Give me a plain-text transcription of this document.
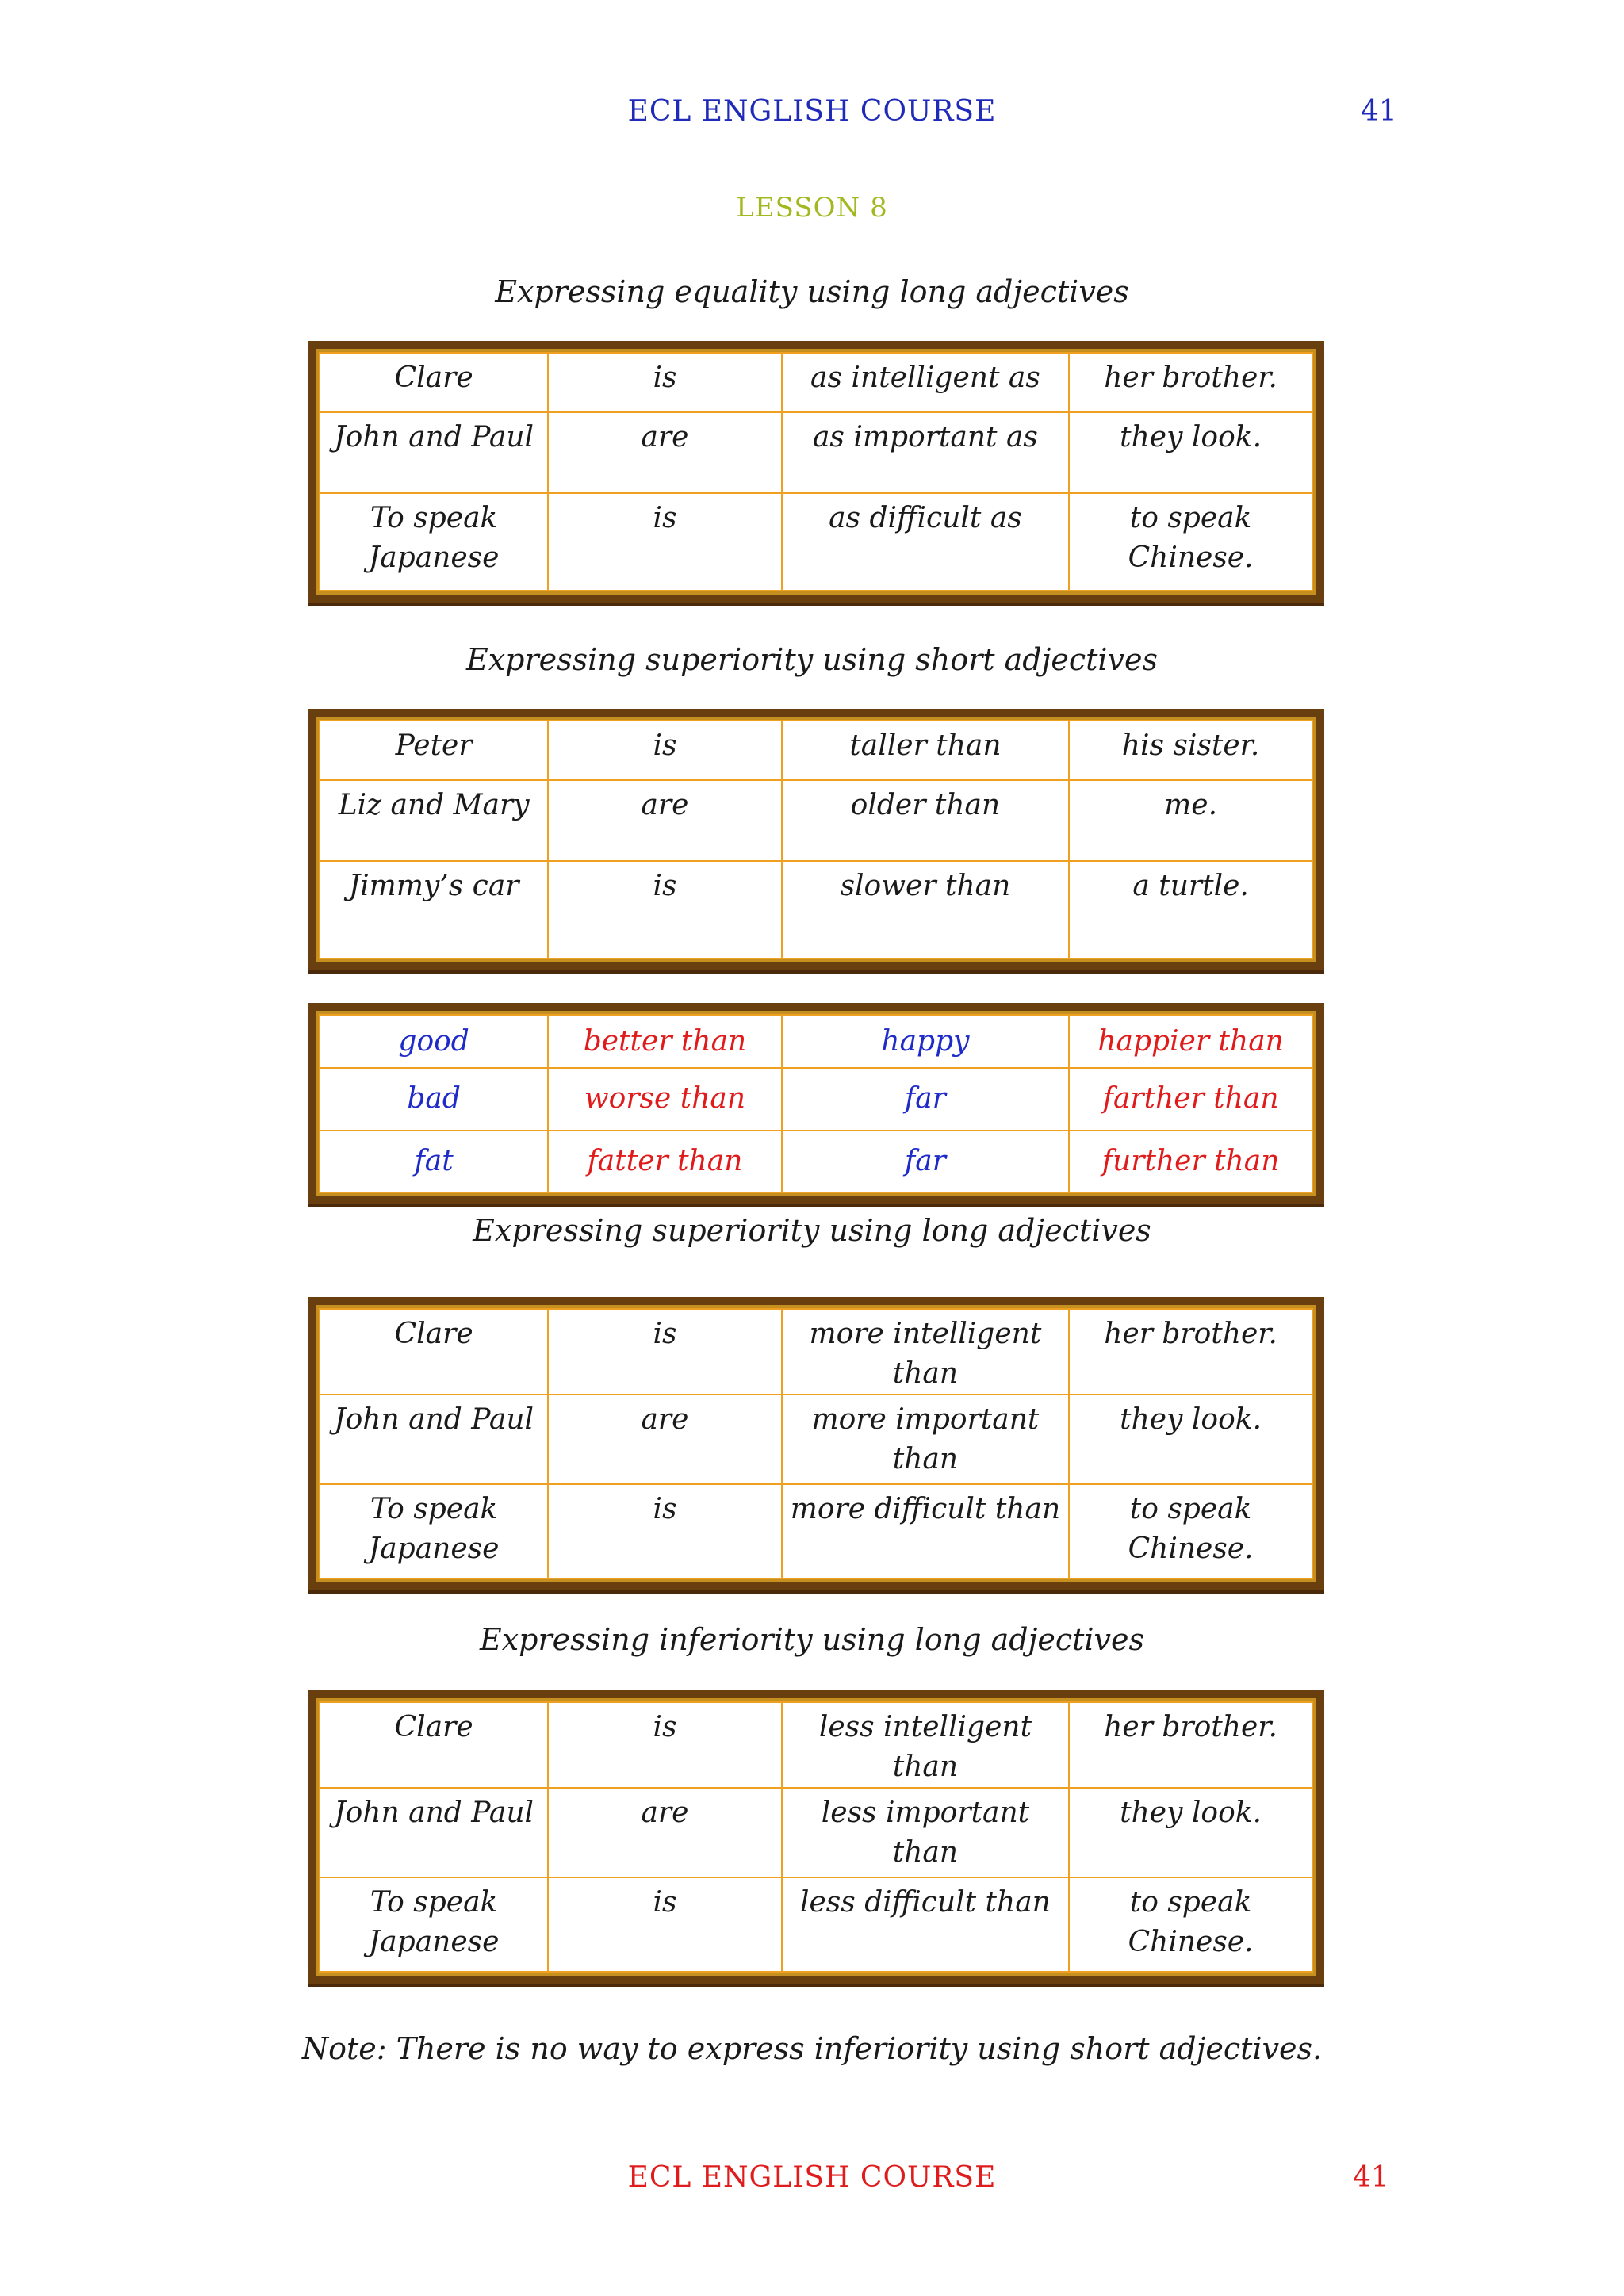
ECL ENGLISH COURSE	41
LESSON 8
Expressing equality using long adjectives
Clare	is	as intelligent as	her brother.
John and Paul	are	as important as	they look.
To speak Japanese	is	as difficult as	to speak Chinese.
Expressing superiority using short adjectives
Peter	is	taller than	his sister.
Liz and Mary	are	older than	me.
Jimmy’s car	is	slower than	a turtle.
good	better than	happy	happier than
bad	worse than	far	farther than
fat	fatter than	far	further than
Expressing superiority using long adjectives
Clare	is	more intelligent than	her brother.
John and Paul	are	more important than	they look.
To speak Japanese	is	more difficult than	to speak Chinese.
Expressing inferiority using long adjectives
Clare	is	less intelligent than	her brother.
John and Paul	are	less important than	they look.
To speak Japanese	is	less difficult than	to speak Chinese.
Note: There is no way to express inferiority using short adjectives.
ECL ENGLISH COURSE	41
